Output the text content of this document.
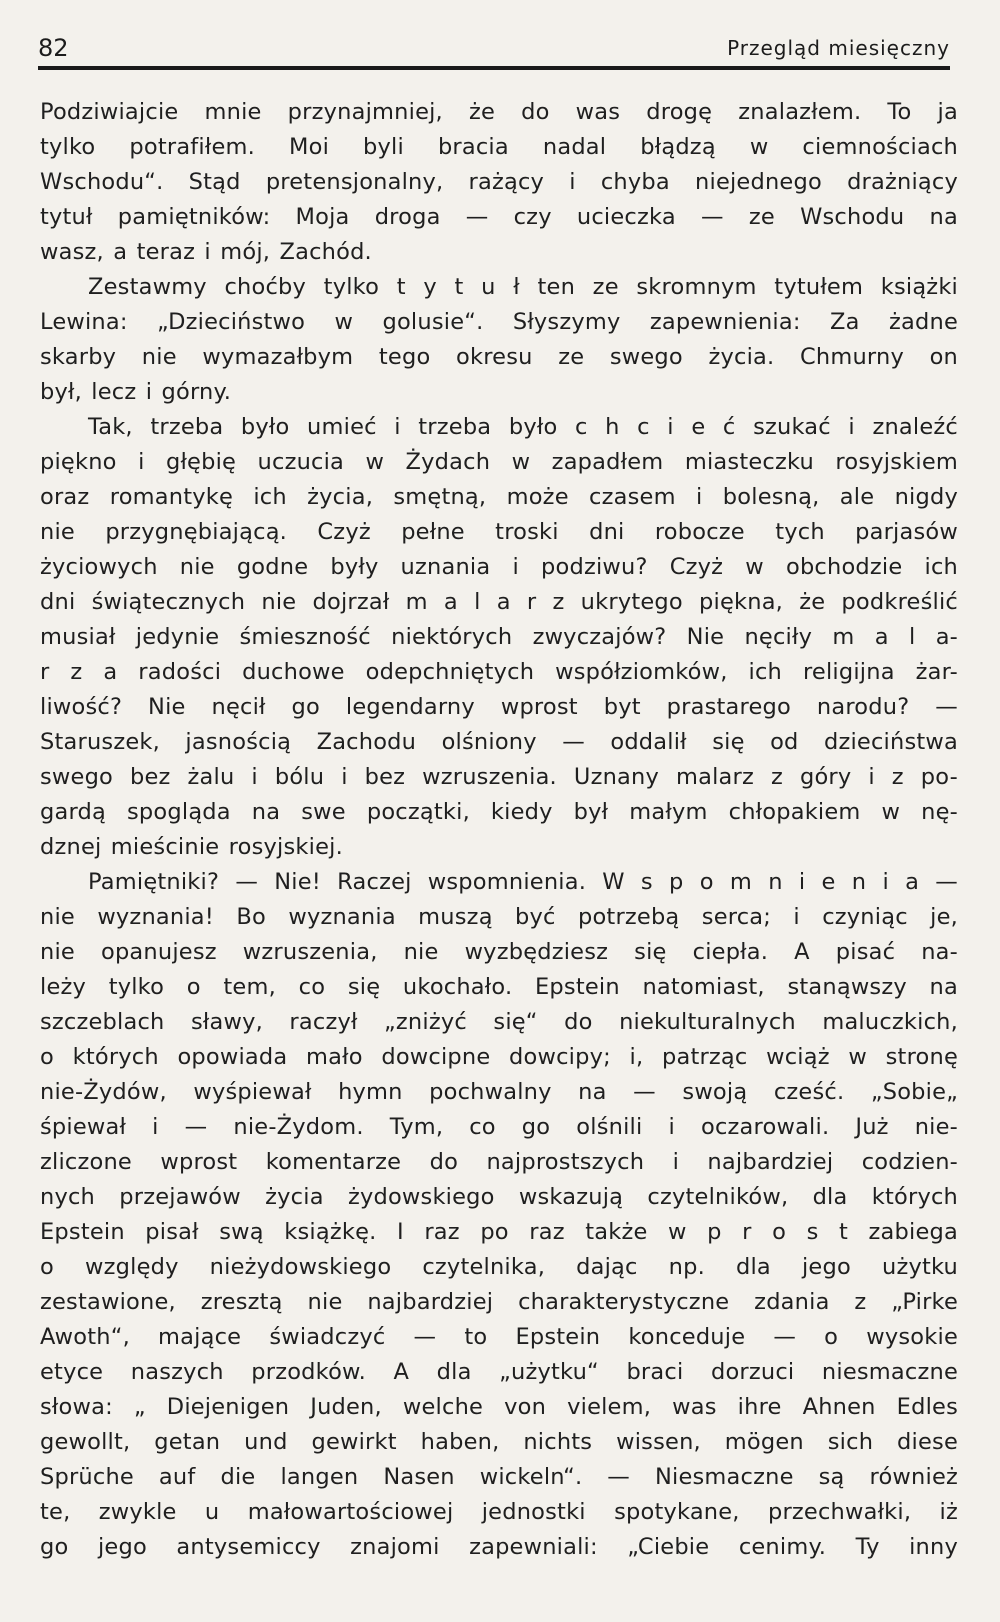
82	Przegląd miesięczny
Podziwiajcie mnie przynajmniej, że do was drogę znalazłem. To ja
tylko potrafiłem. Moi byli bracia nadal błądzą w ciemnościach
Wschodu“. Stąd pretensjonalny, rażący i chyba niejednego drażniący
tytuł pamiętników: Moja droga — czy ucieczka — ze Wschodu na
wasz, a teraz i mój, Zachód.
Zestawmy choćby tylko t y t u ł ten ze skromnym tytułem książki
Lewina: „Dzieciństwo w golusie“. Słyszymy zapewnienia: Za żadne
skarby nie wymazałbym tego okresu ze swego życia. Chmurny on
był, lecz i górny.
Tak, trzeba było umieć i trzeba było c h c i e ć szukać i znaleźć
piękno i głębię uczucia w Żydach w zapadłem miasteczku rosyjskiem
oraz romantykę ich życia, smętną, może czasem i bolesną, ale nigdy
nie przygnębiającą. Czyż pełne troski dni robocze tych parjasów
życiowych nie godne były uznania i podziwu? Czyż w obchodzie ich
dni świątecznych nie dojrzał m a l a r z ukrytego piękna, że podkreślić
musiał jedynie śmieszność niektórych zwyczajów? Nie nęciły m a l a-
r z a radości duchowe odepchniętych współziomków, ich religijna żar-
liwość? Nie nęcił go legendarny wprost byt prastarego narodu? —
Staruszek, jasnością Zachodu olśniony — oddalił się od dzieciństwa
swego bez żalu i bólu i bez wzruszenia. Uznany malarz z góry i z po-
gardą spogląda na swe początki, kiedy był małym chłopakiem w nę-
dznej mieścinie rosyjskiej.
Pamiętniki? — Nie! Raczej wspomnienia. W s p o m n i e n i a —
nie wyznania! Bo wyznania muszą być potrzebą serca; i czyniąc je,
nie opanujesz wzruszenia, nie wyzbędziesz się ciepła. A pisać na-
leży tylko o tem, co się ukochało. Epstein natomiast, stanąwszy na
szczeblach sławy, raczył „zniżyć się“ do niekulturalnych maluczkich,
o których opowiada mało dowcipne dowcipy; i, patrząc wciąż w stronę
nie-Żydów, wyśpiewał hymn pochwalny na — swoją cześć. „Sobie„
śpiewał i — nie-Żydom. Tym, co go olśnili i oczarowali. Już nie-
zliczone wprost komentarze do najprostszych i najbardziej codzien-
nych przejawów życia żydowskiego wskazują czytelników, dla których
Epstein pisał swą książkę. I raz po raz także w p r o s t zabiega
o względy nieżydowskiego czytelnika, dając np. dla jego użytku
zestawione, zresztą nie najbardziej charakterystyczne zdania z „Pirke
Awoth“, mające świadczyć — to Epstein konceduje — o wysokie
etyce naszych przodków. A dla „użytku“ braci dorzuci niesmaczne
słowa: „ Diejenigen Juden, welche von vielem, was ihre Ahnen Edles
gewollt, getan und gewirkt haben, nichts wissen, mögen sich diese
Sprüche auf die langen Nasen wickeln“. — Niesmaczne są również
te, zwykle u małowartościowej jednostki spotykane, przechwałki, iż
go jego antysemiccy znajomi zapewniali: „Ciebie cenimy. Ty inny
